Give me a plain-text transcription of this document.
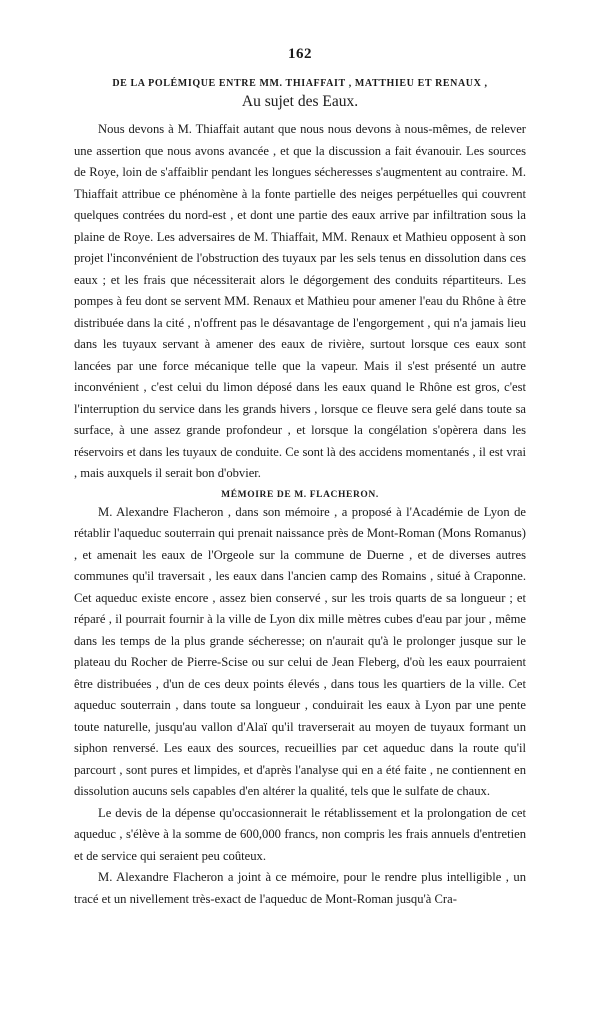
162
DE LA POLÉMIQUE ENTRE MM. THIAFFAIT , MATTHIEU ET RENAUX ,
Au sujet des Eaux.

Nous devons à M. Thiaffait autant que nous nous devons à nous-mêmes, de relever une assertion que nous avons avancée , et que la discussion a fait évanouir. Les sources de Roye, loin de s'affaiblir pendant les longues sécheresses s'augmentent au contraire. M. Thiaffait attribue ce phénomène à la fonte partielle des neiges perpétuelles qui couvrent quelques contrées du nord-est , et dont une partie des eaux arrive par infiltration sous la plaine de Roye. Les adversaires de M. Thiaffait, MM. Renaux et Mathieu opposent à son projet l'inconvénient de l'obstruction des tuyaux par les sels tenus en dissolution dans ces eaux ; et les frais que nécessiterait alors le dégorgement des conduits répartiteurs. Les pompes à feu dont se servent MM. Renaux et Mathieu pour amener l'eau du Rhône à être distribuée dans la cité , n'offrent pas le désavantage de l'engorgement , qui n'a jamais lieu dans les tuyaux servant à amener des eaux de rivière, surtout lorsque ces eaux sont lancées par une force mécanique telle que la vapeur. Mais il s'est présenté un autre inconvénient , c'est celui du limon déposé dans les eaux quand le Rhône est gros, c'est l'interruption du service dans les grands hivers , lorsque ce fleuve sera gelé dans toute sa surface, à une assez grande profondeur , et lorsque la congélation s'opèrera dans les réservoirs et dans les tuyaux de conduite. Ce sont là des accidens momentanés , il est vrai , mais auxquels il serait bon d'obvier.

MÉMOIRE DE M. FLACHERON.

M. Alexandre Flacheron , dans son mémoire , a proposé à l'Académie de Lyon de rétablir l'aqueduc souterrain qui prenait naissance près de Mont-Roman (Mons Romanus) , et amenait les eaux de l'Orgeole sur la commune de Duerne , et de diverses autres communes qu'il traversait , les eaux dans l'ancien camp des Romains , situé à Craponne. Cet aqueduc existe encore , assez bien conservé , sur les trois quarts de sa longueur ; et réparé , il pourrait fournir à la ville de Lyon dix mille mètres cubes d'eau par jour , même dans les temps de la plus grande sécheresse; on n'aurait qu'à le prolonger jusque sur le plateau du Rocher de Pierre-Scise ou sur celui de Jean Fleberg, d'où les eaux pourraient être distribuées , d'un de ces deux points élevés , dans tous les quartiers de la ville. Cet aqueduc souterrain , dans toute sa longueur , conduirait les eaux à Lyon par une pente toute naturelle, jusqu'au vallon d'Alaï qu'il traverserait au moyen de tuyaux formant un siphon renversé. Les eaux des sources, recueillies par cet aqueduc dans la route qu'il parcourt , sont pures et limpides, et d'après l'analyse qui en a été faite , ne contiennent en dissolution aucuns sels capables d'en altérer la qualité, tels que le sulfate de chaux.

Le devis de la dépense qu'occasionnerait le rétablissement et la prolongation de cet aqueduc , s'élève à la somme de 600,000 francs, non compris les frais annuels d'entretien et de service qui seraient peu coûteux.

M. Alexandre Flacheron a joint à ce mémoire, pour le rendre plus intelligible , un tracé et un nivellement très-exact de l'aqueduc de Mont-Roman jusqu'à Cra-
